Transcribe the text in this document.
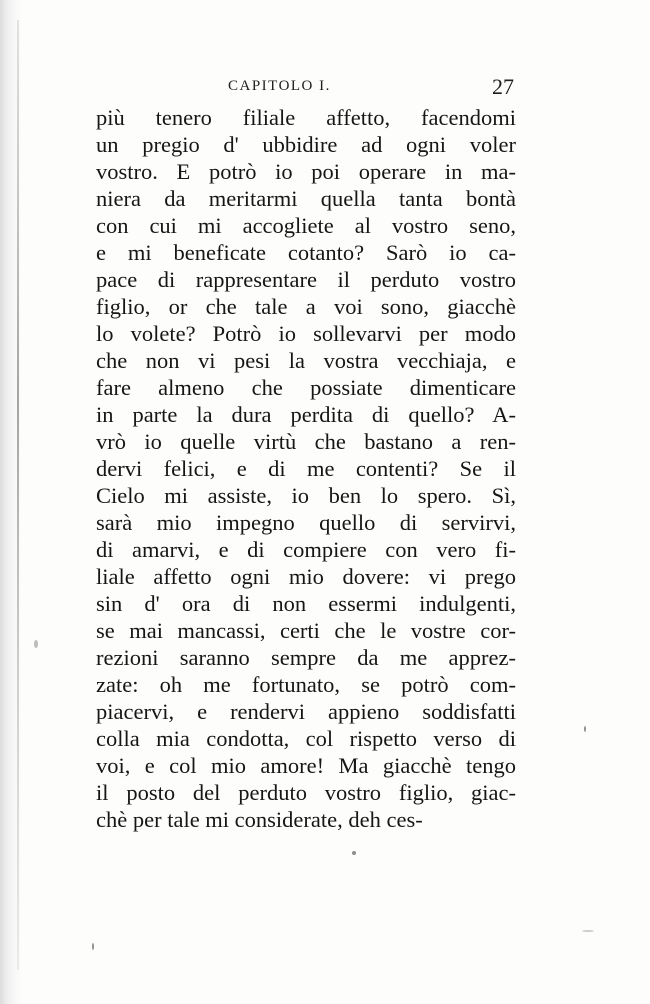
CAPITOLO I.	27
più tenero filiale affetto, facendomi
un pregio d' ubbidire ad ogni voler
vostro. E potrò io poi operare in ma-
niera da meritarmi quella tanta bontà
con cui mi accogliete al vostro seno,
e mi beneficate cotanto? Sarò io ca-
pace di rappresentare il perduto vostro
figlio, or che tale a voi sono, giacchè
lo volete? Potrò io sollevarvi per modo
che non vi pesi la vostra vecchiaja, e
fare almeno che possiate dimenticare
in parte la dura perdita di quello? A-
vrò io quelle virtù che bastano a ren-
dervi felici, e di me contenti? Se il
Cielo mi assiste, io ben lo spero. Sì,
sarà mio impegno quello di servirvi,
di amarvi, e di compiere con vero fi-
liale affetto ogni mio dovere: vi prego
sin d' ora di non essermi indulgenti,
se mai mancassi, certi che le vostre cor-
rezioni saranno sempre da me apprez-
zate: oh me fortunato, se potrò com-
piacervi, e rendervi appieno soddisfatti
colla mia condotta, col rispetto verso di
voi, e col mio amore! Ma giacchè tengo
il posto del perduto vostro figlio, giac-
chè per tale mi considerate, deh ces-
